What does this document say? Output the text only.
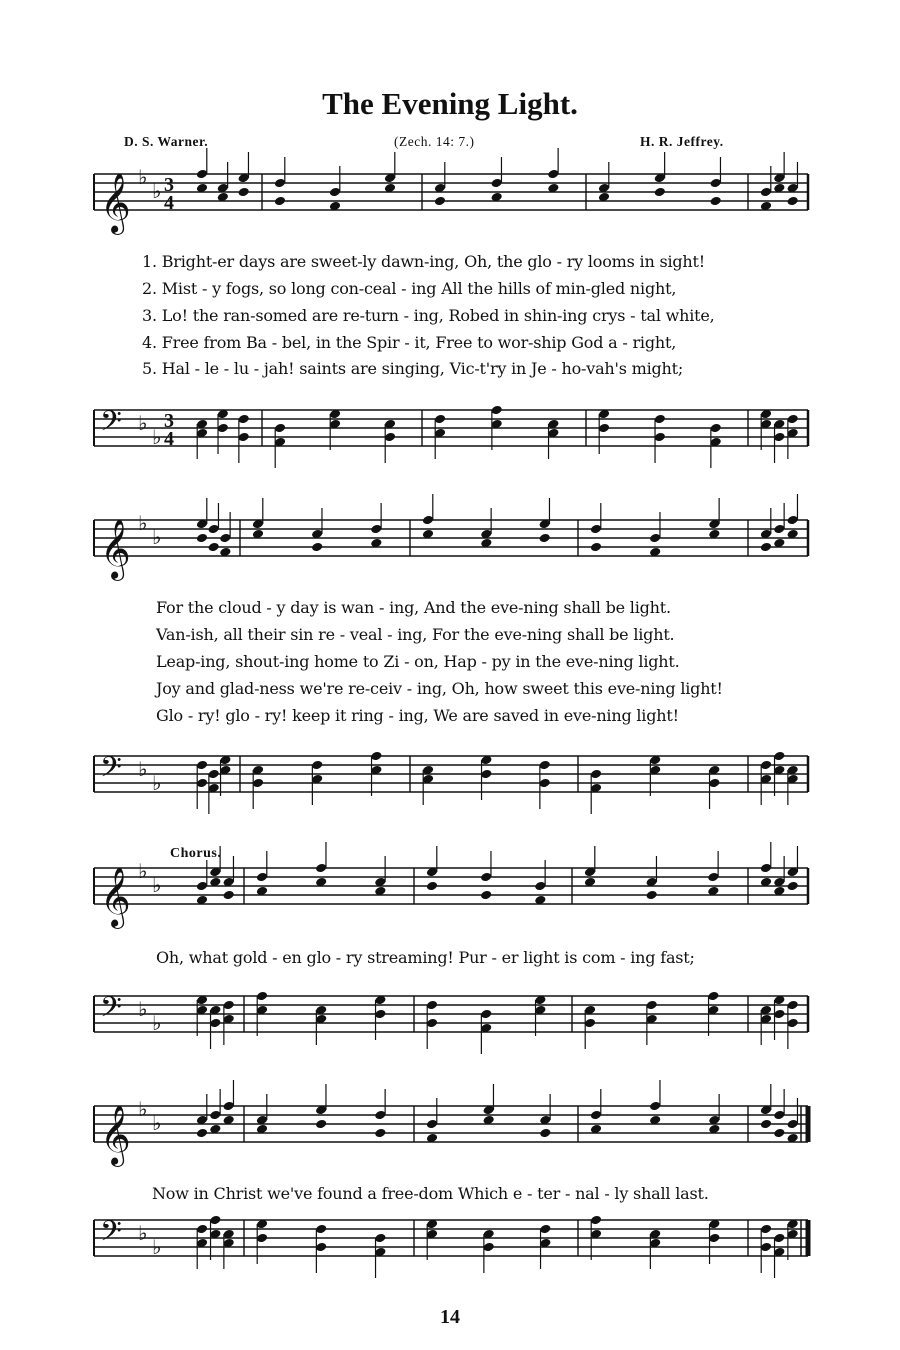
The Evening Light.
D. S. Warner.	(Zech. 14: 7.)	H. R. Jeffrey.
𝄞 ♭
♭ 3
4
𝄢 ♭
♭
3
4
𝄞 ♭
♭
𝄢 ♭
♭
𝄞 ♭
♭
𝄢 ♭
♭
𝄞 ♭
♭
𝄢 ♭
♭
1. Bright-er days are sweet-ly dawn-ing, Oh, the glo - ry looms in sight!
2. Mist - y fogs, so long con-ceal - ing All the hills of min-gled night,
3. Lo! the ran-somed are re-turn - ing, Robed in shin-ing crys - tal white,
4. Free from Ba - bel, in the Spir - it, Free to wor-ship God a - right,
5. Hal - le - lu - jah! saints are singing, Vic-t'ry in Je - ho-vah's might;
For the cloud - y day is wan - ing, And the eve-ning shall be light.
Van-ish, all their sin re - veal - ing, For the eve-ning shall be light.
Leap-ing, shout-ing home to Zi - on, Hap - py in the eve-ning light.
Joy and glad-ness we're re-ceiv - ing, Oh, how sweet this eve-ning light!
Glo - ry! glo - ry! keep it ring - ing, We are saved in eve-ning light!
Chorus.
Oh, what gold - en glo - ry streaming! Pur - er light is com - ing fast;
Now in Christ we've found a free-dom Which e - ter - nal - ly shall last.
14
